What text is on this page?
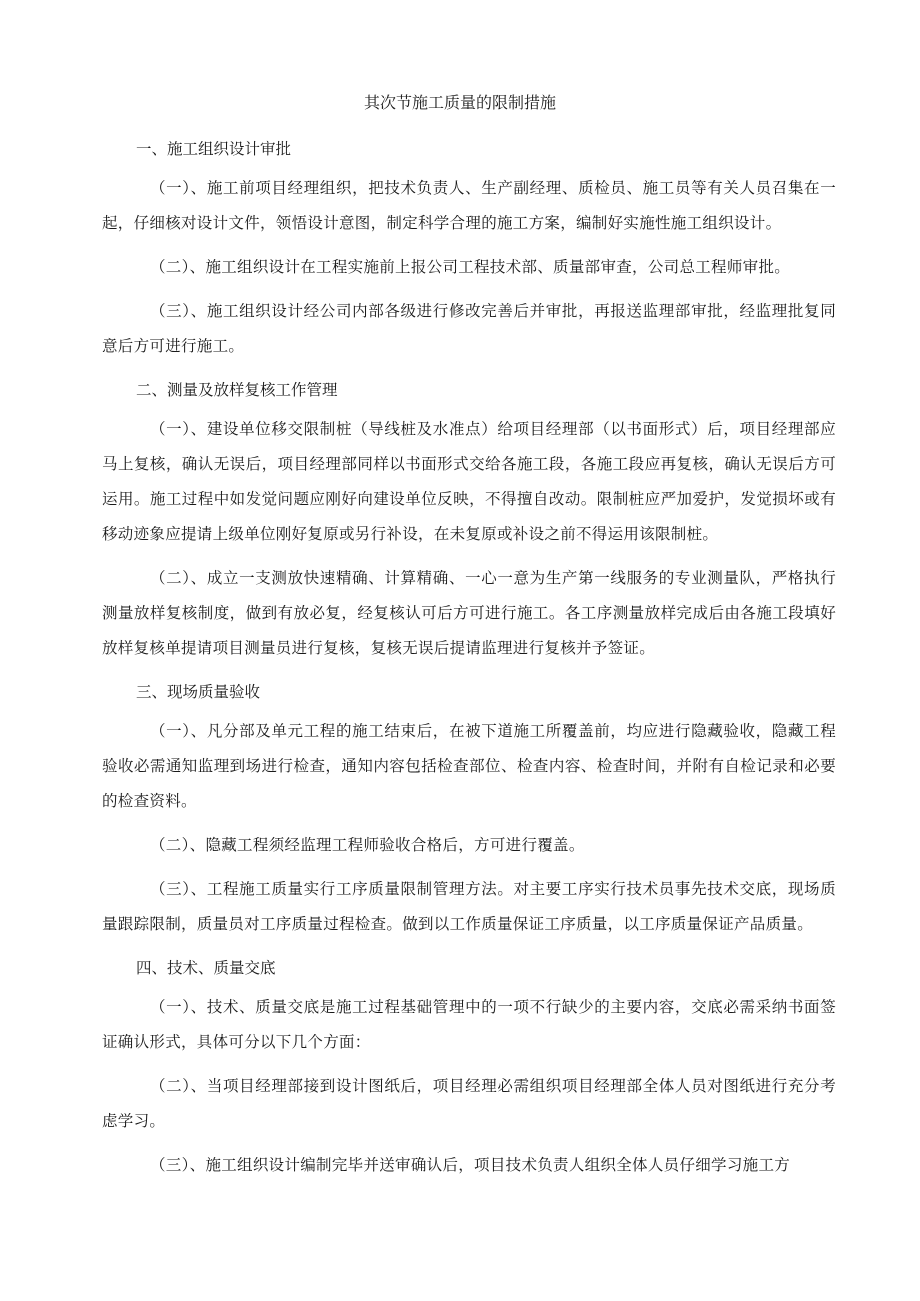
其次节施工质量的限制措施
一、施工组织设计审批

（一）、施工前项目经理组织，把技术负责人、生产副经理、质检员、施工员等有关人员召集在一起，仔细核对设计文件，领悟设计意图，制定科学合理的施工方案，编制好实施性施工组织设计。

（二）、施工组织设计在工程实施前上报公司工程技术部、质量部审查，公司总工程师审批。

（三）、施工组织设计经公司内部各级进行修改完善后并审批，再报送监理部审批，经监理批复同意后方可进行施工。

二、测量及放样复核工作管理

（一）、建设单位移交限制桩（导线桩及水准点）给项目经理部（以书面形式）后，项目经理部应马上复核，确认无误后，项目经理部同样以书面形式交给各施工段，各施工段应再复核，确认无误后方可运用。施工过程中如发觉问题应刚好向建设单位反映，不得擅自改动。限制桩应严加爱护，发觉损坏或有移动迹象应提请上级单位刚好复原或另行补设，在未复原或补设之前不得运用该限制桩。

（二）、成立一支测放快速精确、计算精确、一心一意为生产第一线服务的专业测量队，严格执行测量放样复核制度，做到有放必复，经复核认可后方可进行施工。各工序测量放样完成后由各施工段填好放样复核单提请项目测量员进行复核，复核无误后提请监理进行复核并予签证。

三、现场质量验收

（一）、凡分部及单元工程的施工结束后，在被下道施工所覆盖前，均应进行隐藏验收，隐藏工程验收必需通知监理到场进行检查，通知内容包括检查部位、检查内容、检查时间，并附有自检记录和必要的检查资料。

（二）、隐藏工程须经监理工程师验收合格后，方可进行覆盖。

（三）、工程施工质量实行工序质量限制管理方法。对主要工序实行技术员事先技术交底，现场质量跟踪限制，质量员对工序质量过程检查。做到以工作质量保证工序质量，以工序质量保证产品质量。

四、技术、质量交底

（一）、技术、质量交底是施工过程基础管理中的一项不行缺少的主要内容，交底必需采纳书面签证确认形式，具体可分以下几个方面：

（二）、当项目经理部接到设计图纸后，项目经理必需组织项目经理部全体人员对图纸进行充分考虑学习。

（三）、施工组织设计编制完毕并送审确认后，项目技术负责人组织全体人员仔细学习施工方
